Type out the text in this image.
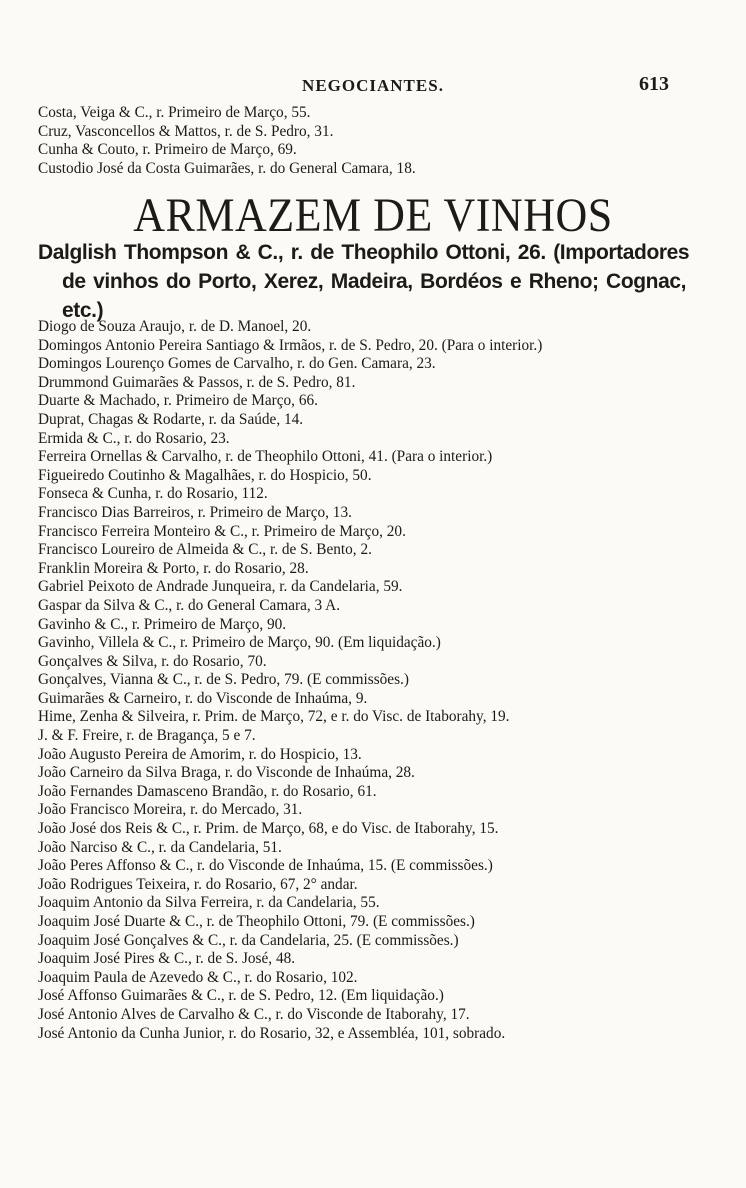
NEGOCIANTES.	613
Costa, Veiga & C., r. Primeiro de Março, 55.
Cruz, Vasconcellos & Mattos, r. de S. Pedro, 31.
Cunha & Couto, r. Primeiro de Março, 69.
Custodio José da Costa Guimarães, r. do General Camara, 18.
ARMAZEM DE VINHOS
Dalglish Thompson & C., r. de Theophilo Ottoni, 26. (Importadores de vinhos do Porto, Xerez, Madeira, Bordéos e Rheno; Cognac, etc.)
Diogo de Souza Araujo, r. de D. Manoel, 20.
Domingos Antonio Pereira Santiago & Irmãos, r. de S. Pedro, 20. (Para o interior.)
Domingos Lourenço Gomes de Carvalho, r. do Gen. Camara, 23.
Drummond Guimarães & Passos, r. de S. Pedro, 81.
Duarte & Machado, r. Primeiro de Março, 66.
Duprat, Chagas & Rodarte, r. da Saúde, 14.
Ermida & C., r. do Rosario, 23.
Ferreira Ornellas & Carvalho, r. de Theophilo Ottoni, 41. (Para o interior.)
Figueiredo Coutinho & Magalhães, r. do Hospicio, 50.
Fonseca & Cunha, r. do Rosario, 112.
Francisco Dias Barreiros, r. Primeiro de Março, 13.
Francisco Ferreira Monteiro & C., r. Primeiro de Março, 20.
Francisco Loureiro de Almeida & C., r. de S. Bento, 2.
Franklin Moreira & Porto, r. do Rosario, 28.
Gabriel Peixoto de Andrade Junqueira, r. da Candelaria, 59.
Gaspar da Silva & C., r. do General Camara, 3 A.
Gavinho & C., r. Primeiro de Março, 90.
Gavinho, Villela & C., r. Primeiro de Março, 90. (Em liquidação.)
Gonçalves & Silva, r. do Rosario, 70.
Gonçalves, Vianna & C., r. de S. Pedro, 79. (E commissões.)
Guimarães & Carneiro, r. do Visconde de Inhaúma, 9.
Hime, Zenha & Silveira, r. Prim. de Março, 72, e r. do Visc. de Itaborahy, 19.
J. & F. Freire, r. de Bragança, 5 e 7.
João Augusto Pereira de Amorim, r. do Hospicio, 13.
João Carneiro da Silva Braga, r. do Visconde de Inhaúma, 28.
João Fernandes Damasceno Brandão, r. do Rosario, 61.
João Francisco Moreira, r. do Mercado, 31.
João José dos Reis & C., r. Prim. de Março, 68, e do Visc. de Itaborahy, 15.
João Narciso & C., r. da Candelaria, 51.
João Peres Affonso & C., r. do Visconde de Inhaúma, 15. (E commissões.)
João Rodrigues Teixeira, r. do Rosario, 67, 2° andar.
Joaquim Antonio da Silva Ferreira, r. da Candelaria, 55.
Joaquim José Duarte & C., r. de Theophilo Ottoni, 79. (E commissões.)
Joaquim José Gonçalves & C., r. da Candelaria, 25. (E commissões.)
Joaquim José Pires & C., r. de S. José, 48.
Joaquim Paula de Azevedo & C., r. do Rosario, 102.
José Affonso Guimarães & C., r. de S. Pedro, 12. (Em liquidação.)
José Antonio Alves de Carvalho & C., r. do Visconde de Itaborahy, 17.
José Antonio da Cunha Junior, r. do Rosario, 32, e Assembléa, 101, sobrado.
